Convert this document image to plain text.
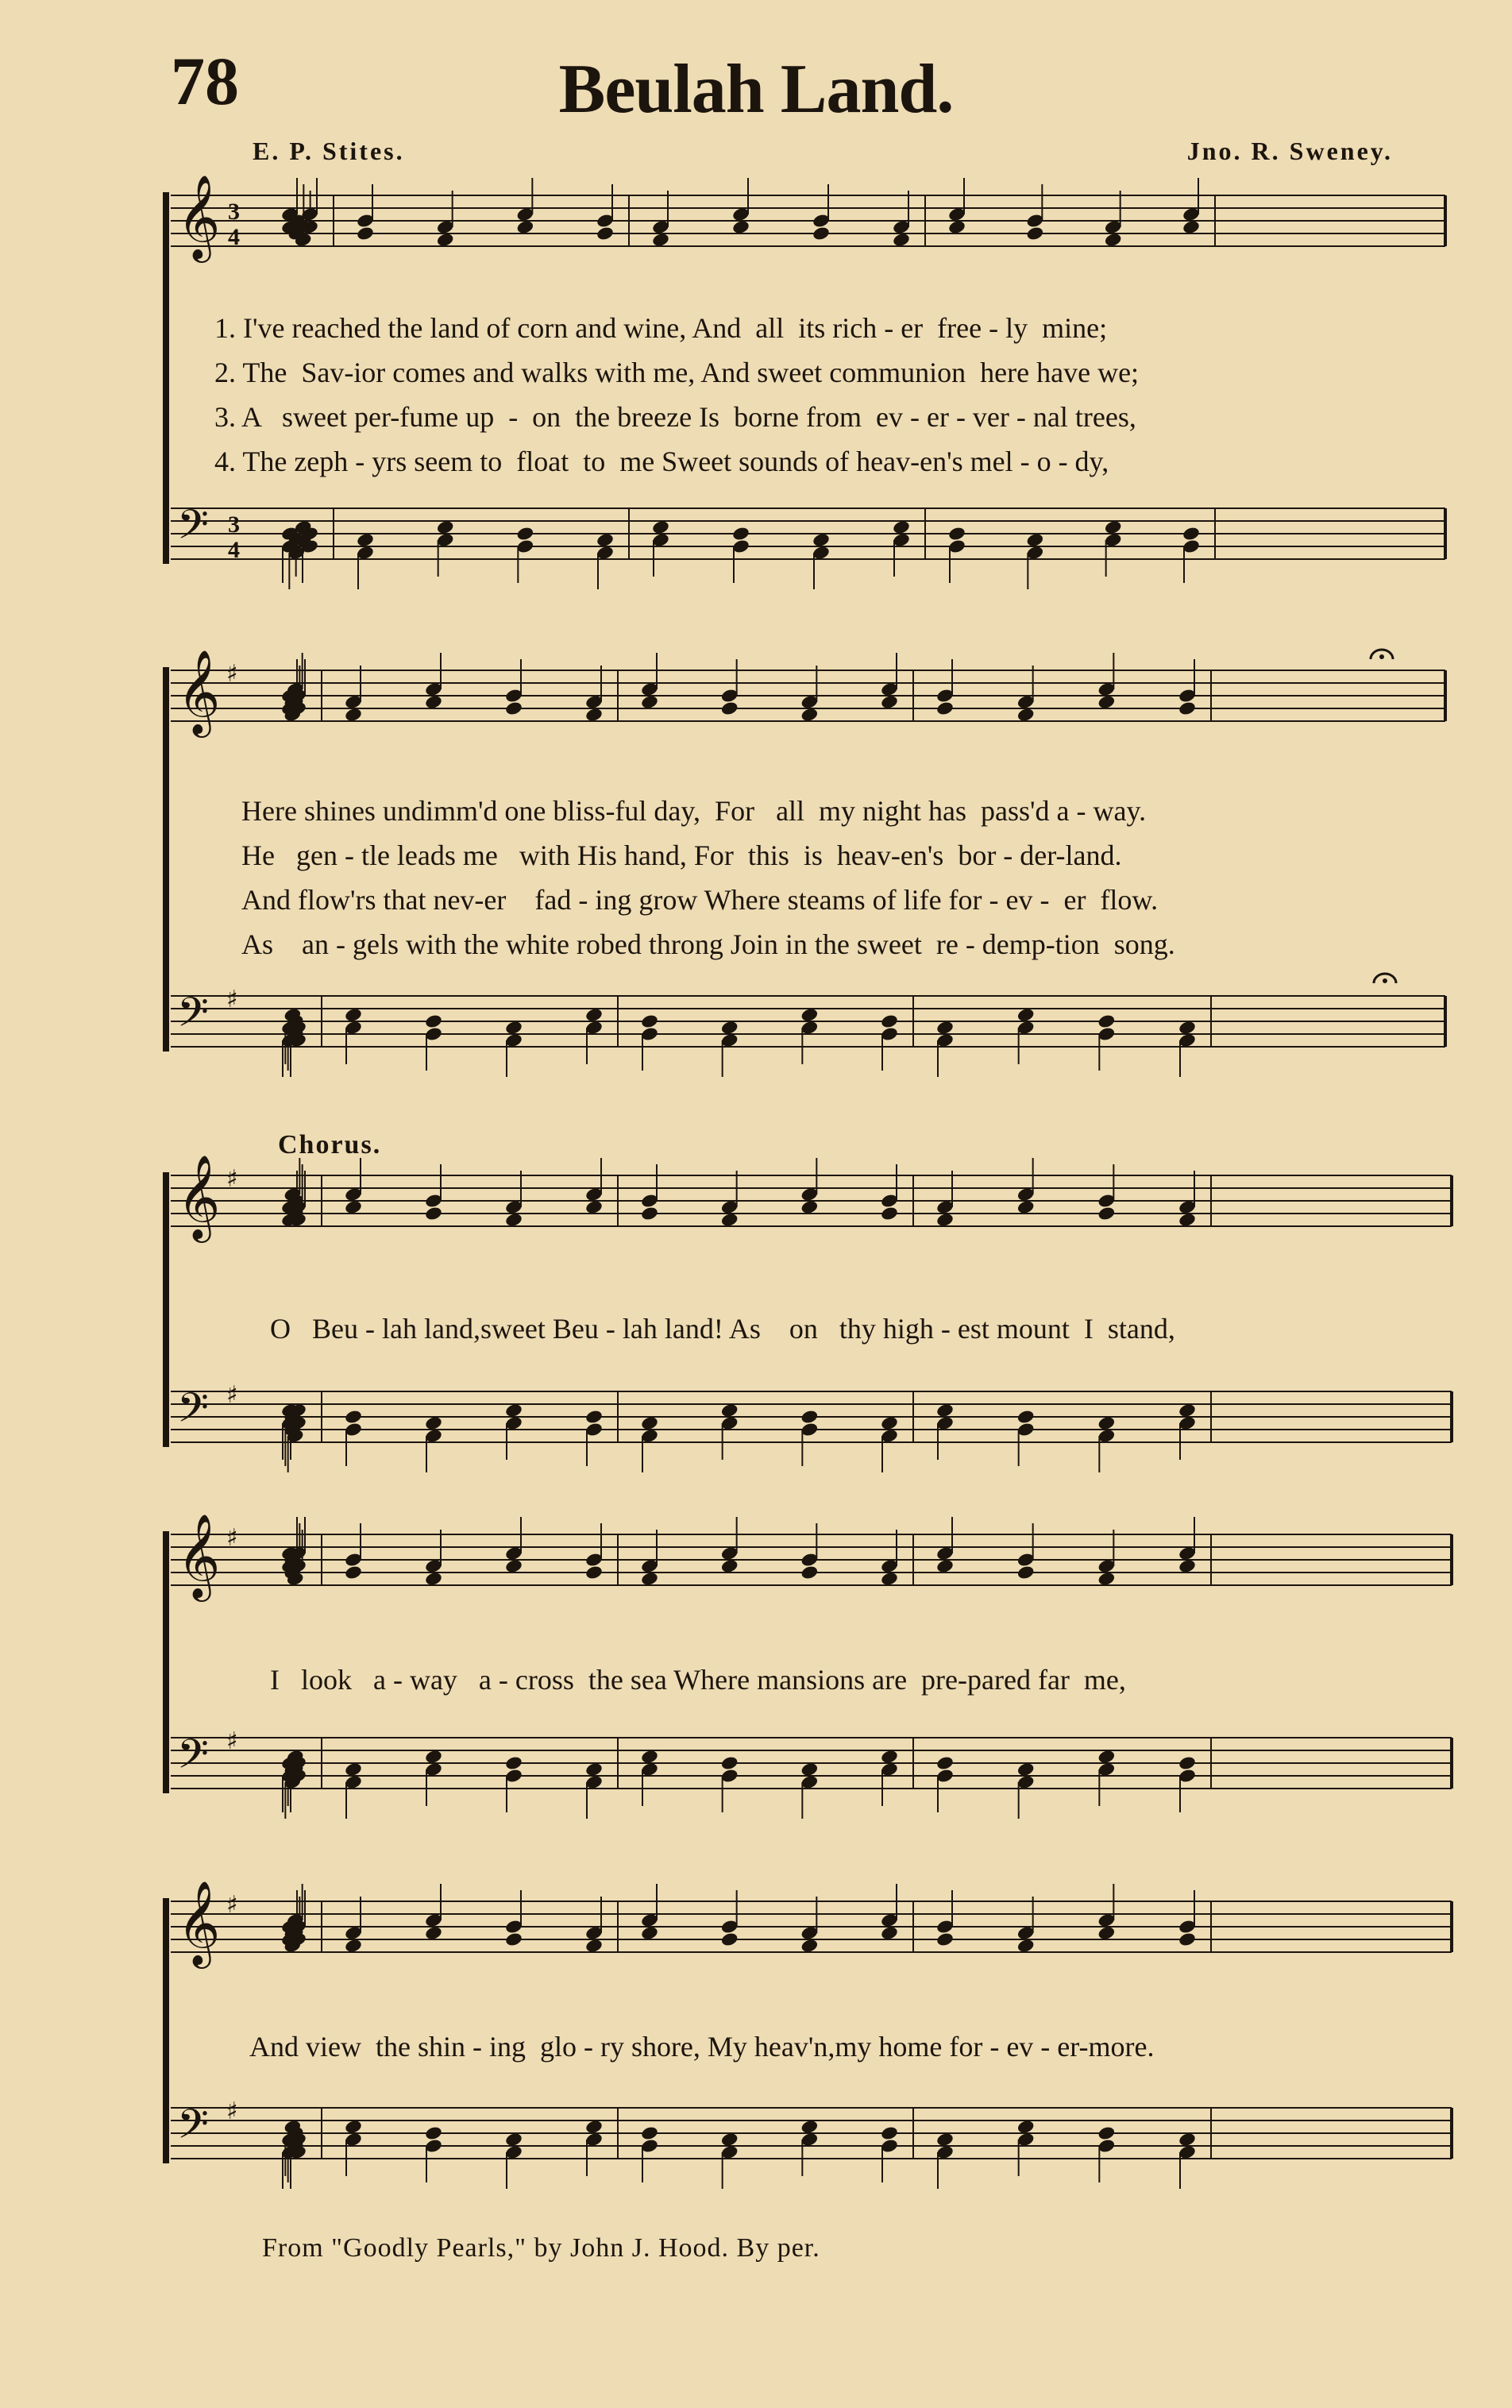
78	Beulah Land.
E. P. Stites.	Jno. R. Sweney.
𝄞 3
4
𝄢 3
4
𝄞 ♯
𝄢 ♯
𝄞 ♯
𝄢 ♯
𝄞 ♯
𝄢 ♯
𝄞 ♯
𝄢 ♯
1. I've reached the land of corn and wine, And  all  its rich - er  free - ly  mine;
2. The  Sav-ior comes and walks with me, And sweet communion  here have we;
3. A   sweet per-fume up  -  on  the breeze Is  borne from  ev - er - ver - nal trees,
4. The zeph - yrs seem to  float  to  me Sweet sounds of heav-en's mel - o - dy,
Here shines undimm'd one bliss-ful day,  For   all  my night has  pass'd a - way.
He   gen - tle leads me   with His hand, For  this  is  heav-en's  bor - der-land.
And flow'rs that nev-er    fad - ing grow Where steams of life for - ev -  er  flow.
As    an - gels with the white robed throng Join in the sweet  re - demp-tion  song.
Chorus.
O   Beu - lah land,sweet Beu - lah land! As    on   thy high - est mount  I  stand,
I   look   a - way   a - cross  the sea Where mansions are  pre-pared far  me,
And view  the shin - ing  glo - ry shore, My heav'n,my home for - ev - er-more.
From "Goodly Pearls," by John J. Hood. By per.
